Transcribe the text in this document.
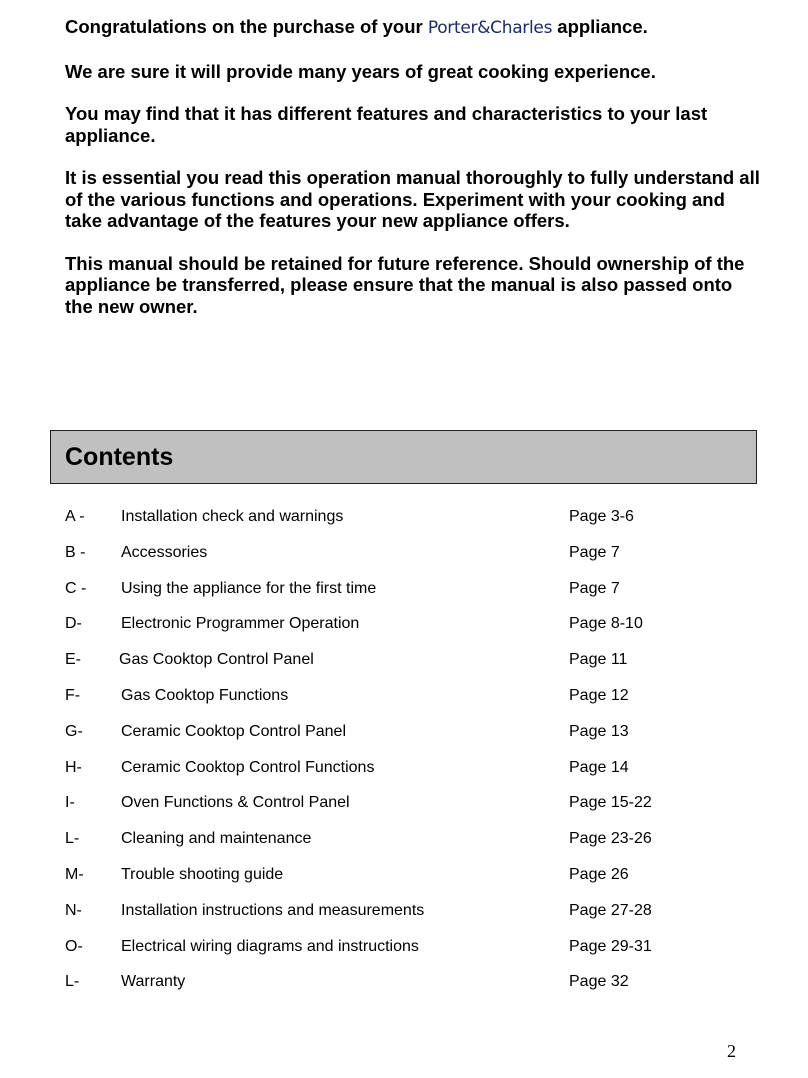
Congratulations on the purchase of your Porter&Charles appliance.

We are sure it will provide many years of great cooking experience.

You may find that it has different features and characteristics to your last appliance.

It is essential you read this operation manual thoroughly to fully understand all of the various functions and operations. Experiment with your cooking and take advantage of the features your new appliance offers.

This manual should be retained for future reference. Should ownership of the appliance be transferred, please ensure that the manual is also passed onto the new owner.

Contents
A - Installation check and warnings	Page 3-6
B - Accessories	Page 7
C - Using the appliance for the first time	Page 7
D- Electronic Programmer Operation	Page 8-10
E- Gas Cooktop Control Panel	Page 11
F-	Gas Cooktop Functions	Page 12
G- Ceramic Cooktop Control Panel	Page 13
H- Ceramic Cooktop Control Functions	Page 14
I-	Oven Functions & Control Panel	Page 15-22
L-	Cleaning and maintenance	Page 23-26
M- Trouble shooting guide	Page 26
N- Installation instructions and measurements	Page 27-28
O- Electrical wiring diagrams and instructions	Page 29-31
L-	Warranty	Page 32
2
